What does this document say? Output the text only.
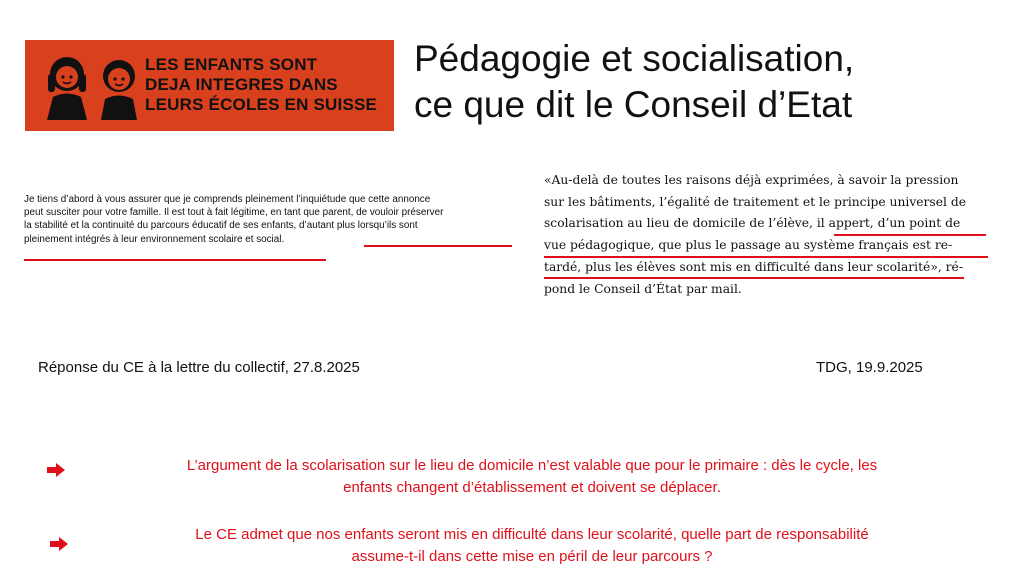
LES ENFANTS SONT
DEJA INTEGRES DANS
LEURS ÉCOLES EN SUISSE
Pédagogie et socialisation,
ce que dit le Conseil d’Etat
Je tiens d’abord à vous assurer que je comprends pleinement l’inquiétude que cette annonce
peut susciter pour votre famille. Il est tout à fait légitime, en tant que parent, de vouloir préserver
la stabilité et la continuité du parcours éducatif de ses enfants, d’autant plus lorsqu’ils sont
pleinement intégrés à leur environnement scolaire et social.
«Au-delà de toutes les raisons déjà exprimées, à savoir la pression
sur les bâtiments, l’égalité de traitement et le principe universel de
scolarisation au lieu de domicile de l’élève, il appert, d’un point de
vue pédagogique, que plus le passage au système français est re-
tardé, plus les élèves sont mis en difficulté dans leur scolarité», ré-
pond le Conseil d’État par mail.
Réponse du CE à la lettre du collectif, 27.8.2025	TDG, 19.9.2025
L’argument de la scolarisation sur le lieu de domicile n’est valable que pour le primaire : dès le cycle, les
enfants changent d’établissement et doivent se déplacer.
Le CE admet que nos enfants seront mis en difficulté dans leur scolarité, quelle part de responsabilité
assume-t-il dans cette mise en péril de leur parcours ?
